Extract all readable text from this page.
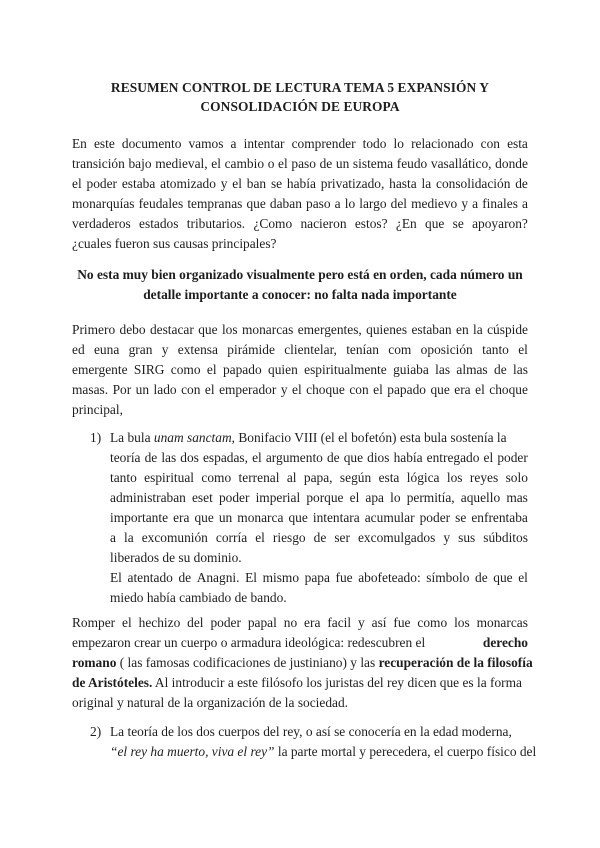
RESUMEN CONTROL DE LECTURA TEMA 5 EXPANSIÓN Y
CONSOLIDACIÓN DE EUROPA
En este documento vamos a intentar comprender todo lo relacionado con esta
transición bajo medieval, el cambio o el paso de un sistema feudo vasallático, donde
el poder estaba atomizado y el ban se había privatizado, hasta la consolidación de
monarquías feudales tempranas que daban paso a lo largo del medievo y a finales a
verdaderos estados tributarios. ¿Como nacieron estos? ¿En que se apoyaron?
¿cuales fueron sus causas principales?
No esta muy bien organizado visualmente pero está en orden, cada número un
detalle importante a conocer: no falta nada importante
Primero debo destacar que los monarcas emergentes, quienes estaban en la cúspide
ed euna gran y extensa pirámide clientelar, tenían com oposición tanto el
emergente SIRG como el papado quien espiritualmente guiaba las almas de las
masas. Por un lado con el emperador y el choque con el papado que era el choque
principal,
1) La bula unam sanctam , Bonifacio VIII (el el bofetón) esta bula sostenía la
teoría de las dos espadas, el argumento de que dios había entregado el poder
tanto espiritual como terrenal al papa, según esta lógica los reyes solo
administraban eset poder imperial porque el apa lo permitía, aquello mas
importante era que un monarca que intentara acumular poder se enfrentaba
a la excomunión corría el riesgo de ser excomulgados y sus súbditos
liberados de su dominio.
El atentado de Anagni. El mismo papa fue abofeteado: símbolo de que el
miedo había cambiado de bando.
Romper el hechizo del poder papal no era facil y así fue como los monarcas
empezaron crear un cuerpo o armadura ideológica: redescubren el	derecho
romano ( las famosas codificaciones de justiniano) y las recuperación de la filosofía
de Aristóteles. Al introducir a este filósofo los juristas del rey dicen que es la forma
original y natural de la organización de la sociedad.
2) La teoría de los dos cuerpos del rey, o así se conocería en la edad moderna,
“el rey ha muerto, viva el rey” la parte mortal y perecedera, el cuerpo físico del
